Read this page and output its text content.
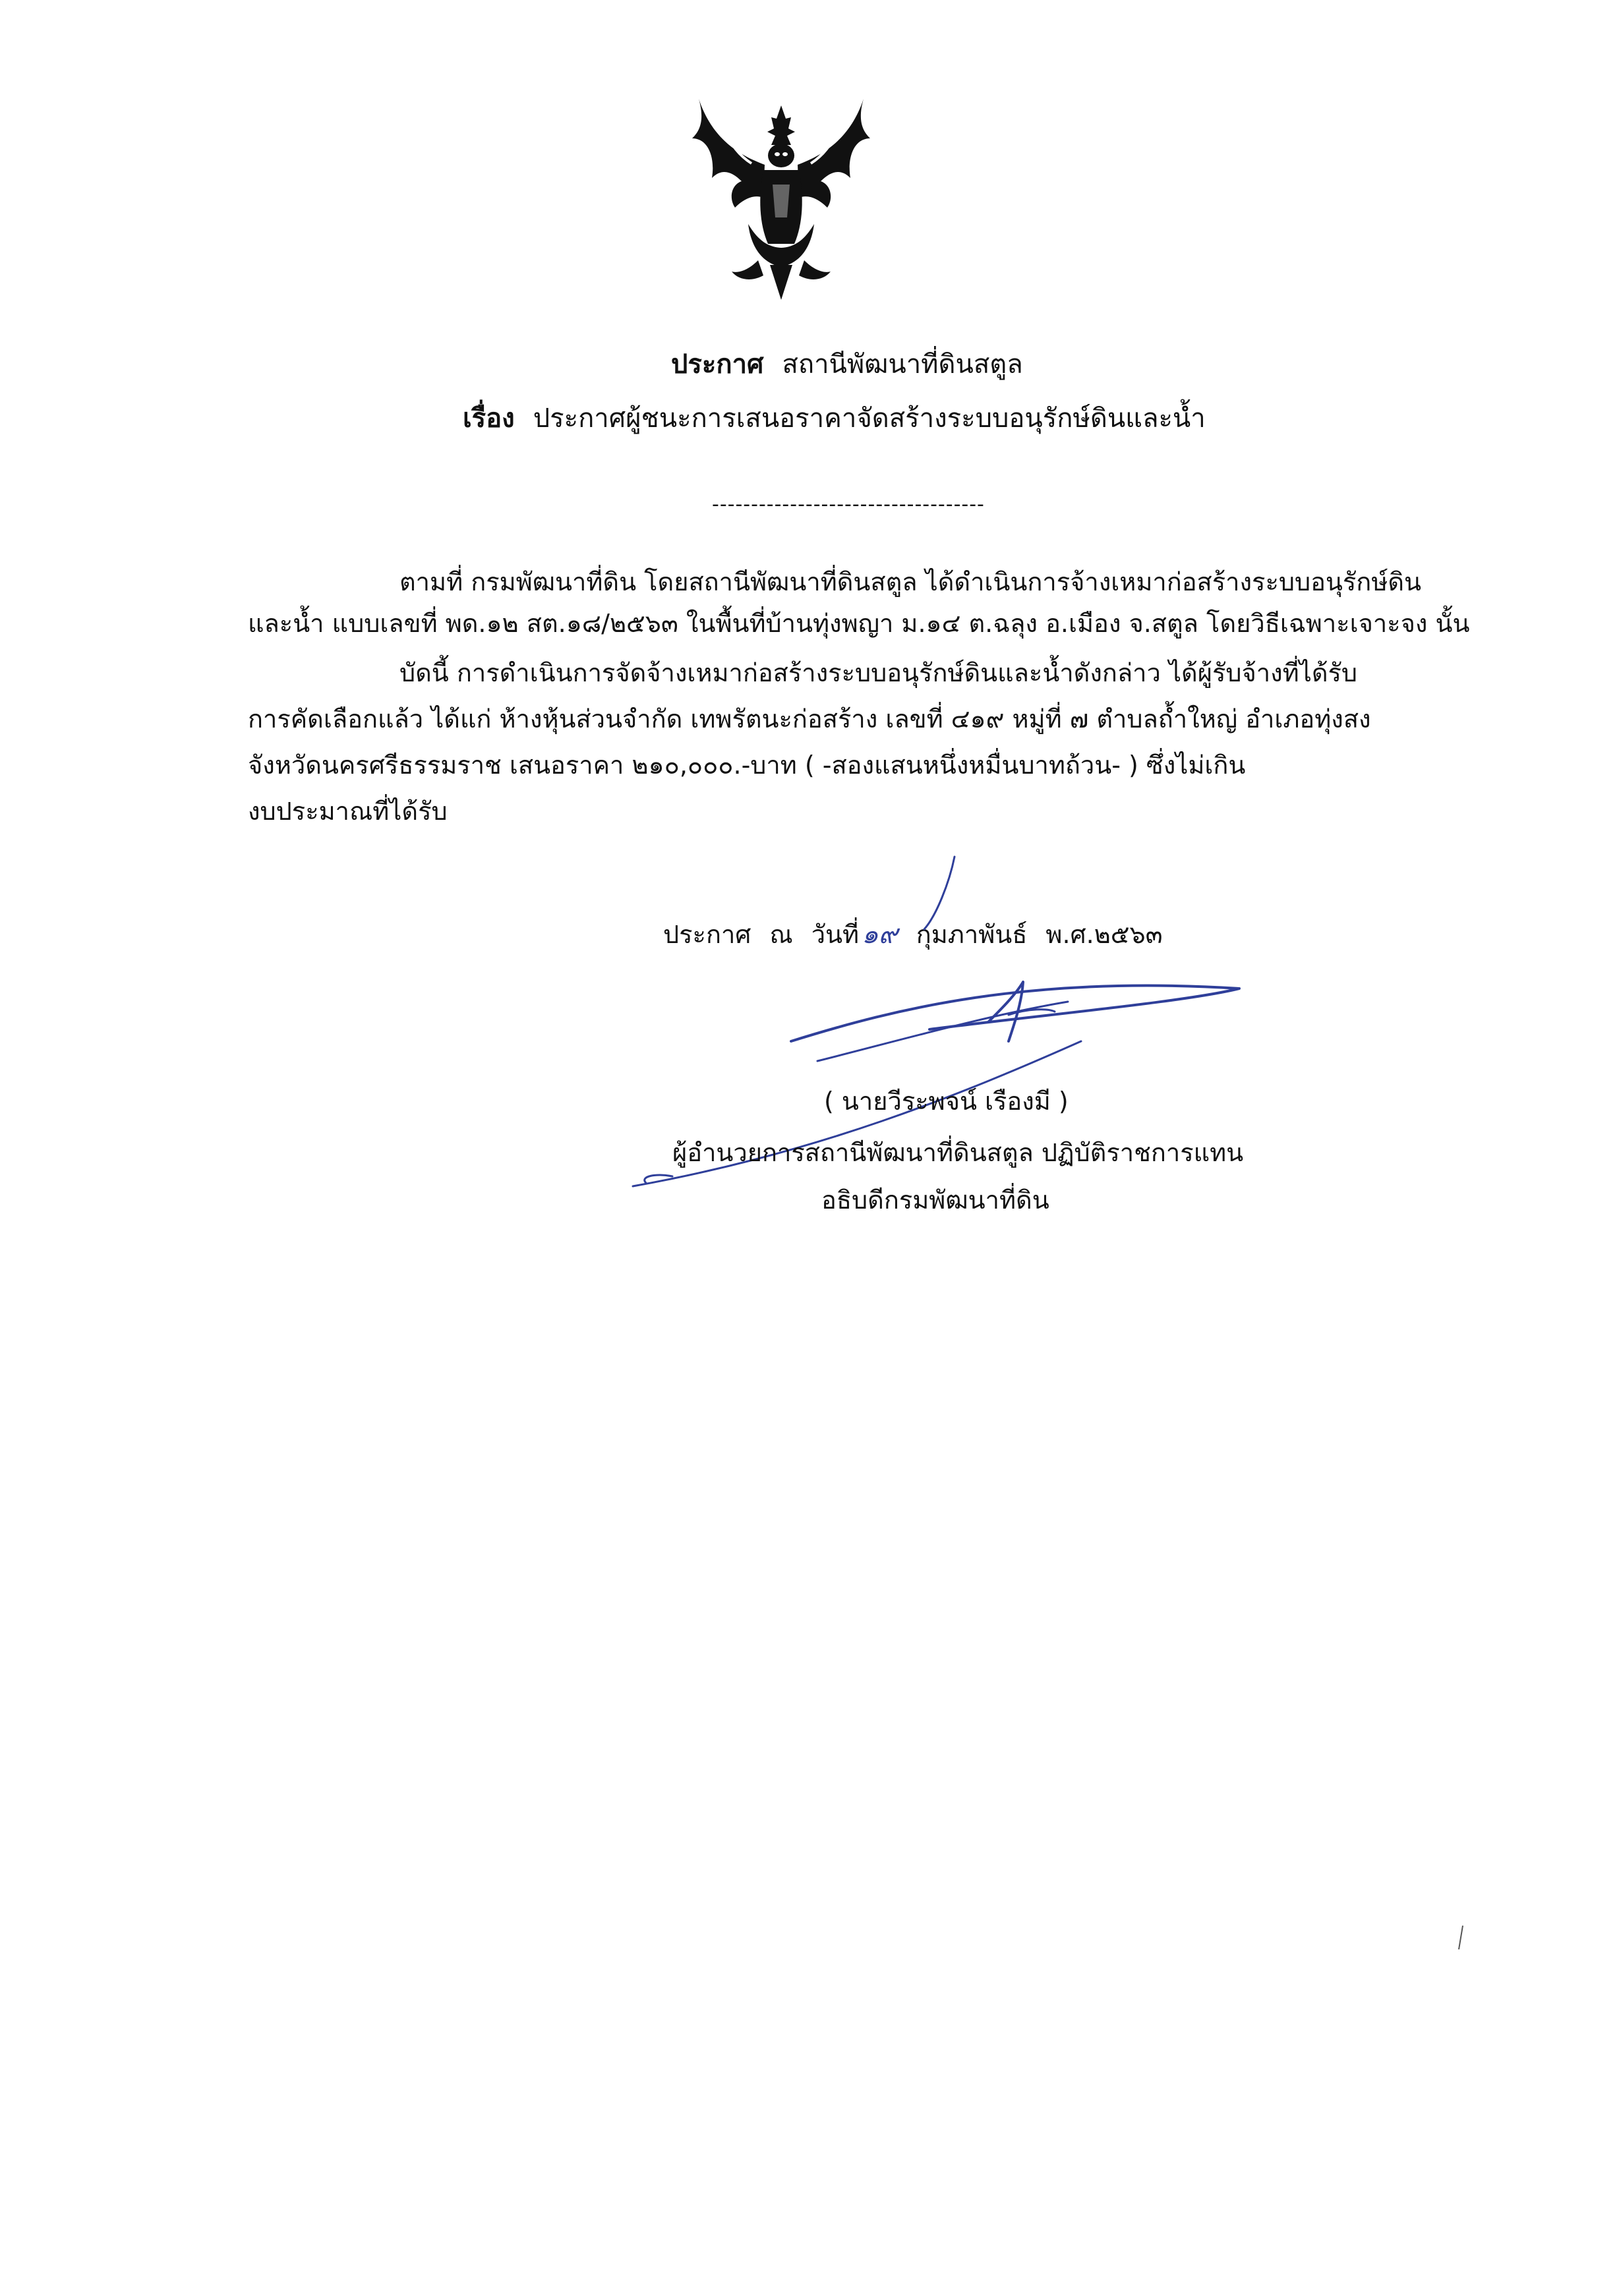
ประกาศ สถานีพัฒนาที่ดินสตูล
เรื่อง ประกาศผู้ชนะการเสนอราคาจัดสร้างระบบอนุรักษ์ดินและน้ำ
-----------------------------------
ตามที่ กรมพัฒนาที่ดิน โดยสถานีพัฒนาที่ดินสตูล ได้ดำเนินการจ้างเหมาก่อสร้างระบบอนุรักษ์ดิน
และน้ำ แบบเลขที่ พด.๑๒ สต.๑๘/๒๕๖๓ ในพื้นที่บ้านทุ่งพญา ม.๑๔ ต.ฉลุง อ.เมือง จ.สตูล โดยวิธีเฉพาะเจาะจง นั้น
บัดนี้ การดำเนินการจัดจ้างเหมาก่อสร้างระบบอนุรักษ์ดินและน้ำดังกล่าว ได้ผู้รับจ้างที่ได้รับ
การคัดเลือกแล้ว ได้แก่ ห้างหุ้นส่วนจำกัด เทพรัตนะก่อสร้าง เลขที่ ๔๑๙ หมู่ที่ ๗ ตำบลถ้ำใหญ่ อำเภอทุ่งสง
จังหวัดนครศรีธรรมราช เสนอราคา ๒๑๐,๐๐๐.-บาท ( -สองแสนหนึ่งหมื่นบาทถ้วน- ) ซึ่งไม่เกิน
งบประมาณที่ได้รับ
ประกาศ ณ วันที่ ๑๙ กุมภาพันธ์ พ.ศ.๒๕๖๓
( นายวีระพจน์ เรืองมี )
ผู้อำนวยการสถานีพัฒนาที่ดินสตูล ปฏิบัติราชการแทน
อธิบดีกรมพัฒนาที่ดิน
